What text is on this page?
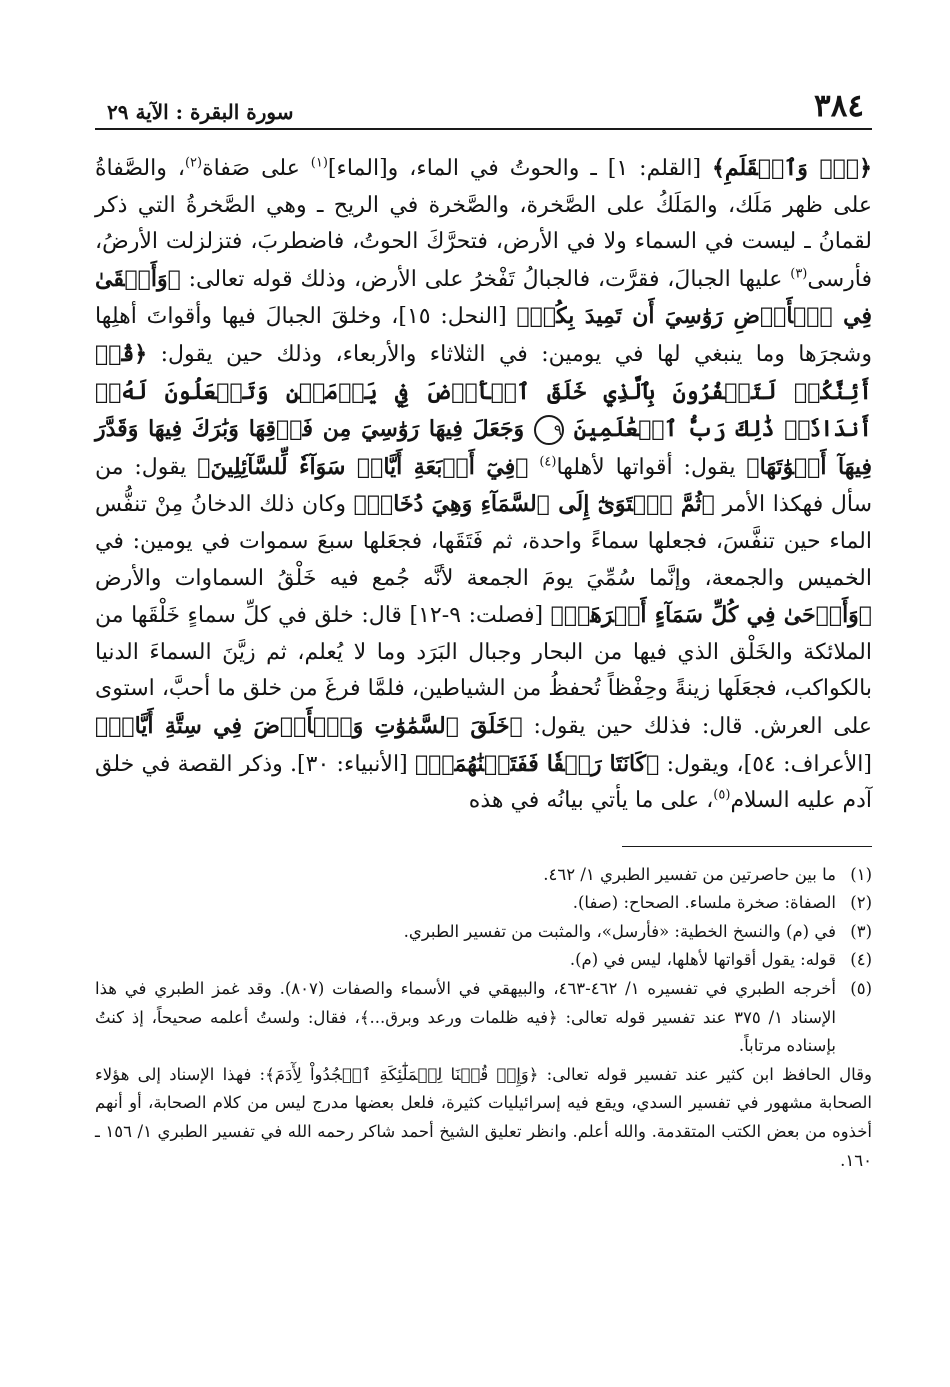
٣٨٤
سورة البقرة : الآية ٢٩
﴿نٓۚ وَٱلۡقَلَمِ﴾ [القلم: ١] ـ والحوتُ في الماء، و[الماء]$^{(١)}$ على صَفاة$^{(٢)}$، والصَّفاةُ على ظهر مَلَك، والمَلَكُ على الصَّخرة، والصَّخرة في الريح ـ وهي الصَّخرةُ التي ذكر لقمانُ ـ ليست في السماء ولا في الأرض، فتحرَّكَ الحوتُ، فاضطربَ، فتزلزلت الأرضُ، فأرسى$^{(٣)}$ عليها الجبالَ، فقرَّت، فالجبالُ تَفْخرُ على الأرض، وذلك قوله تعالى: ﴿وَأَلۡقَىٰ فِي ٱلۡأَرۡضِ رَوَٰسِيَ أَن تَمِيدَ بِكُمۡ﴾ [النحل: ١٥]، وخلقَ الجبالَ فيها وأقواتَ أهلِها وشجرَها وما ينبغي لها في يومين: في الثلاثاء والأربعاء، وذلك حين يقول: ﴿قُلۡ أَئِنَّكُمۡ لَتَكۡفُرُونَ بِٱلَّذِي خَلَقَ ٱلۡأَرۡضَ فِي يَوۡمَيۡنِ وَتَجۡعَلُونَ لَهُۥٓ أَندَادٗاۚ ذَٰلِكَ رَبُّ ٱلۡعَٰلَمِينَ ٩ وَجَعَلَ فِيهَا رَوَٰسِيَ مِن فَوۡقِهَا وَبَٰرَكَ فِيهَا وَقَدَّرَ فِيهَآ أَقۡوَٰتَهَا﴾ يقول: أقواتها لأهلها$^{(٤)}$ ﴿فِيٓ أَرۡبَعَةِ أَيَّامٖ سَوَآءٗ لِّلسَّآئِلِينَ﴾ يقول: من سأل فهكذا الأمر ﴿ثُمَّ ٱسۡتَوَىٰٓ إِلَى ٱلسَّمَآءِ وَهِيَ دُخَانٞ﴾ وكان ذلك الدخانُ مِنْ تنفُّس الماء حين تنفَّسَ، فجعلها سماءً واحدة، ثم فَتَقَها، فجعَلها سبعَ سموات في يومين: في الخميس والجمعة، وإنَّما سُمِّيَ يومَ الجمعة لأنَّه جُمع فيه خَلْقُ السماوات والأرض ﴿وَأَوۡحَىٰ فِي كُلِّ سَمَآءٍ أَمۡرَهَاۚ﴾ [فصلت: ٩-١٢] قال: خلق في كلِّ سماءٍ خَلْقَها من الملائكة والخَلْق الذي فيها من البحار وجبال البَرَد وما لا يُعلم، ثم زيَّنَ السماءَ الدنيا بالكواكب، فجعَلَها زينةً وحِفْظاً تُحفظُ من الشياطين، فلمَّا فرغَ من خلق ما أحبَّ، استوى على العرش. قال: فذلك حين يقول: ﴿خَلَقَ ٱلسَّمَٰوَٰتِ وَٱلۡأَرۡضَ فِي سِتَّةِ أَيَّامٖ﴾ [الأعراف: ٥٤]، ويقول: ﴿كَانَتَا رَتۡقٗا فَفَتَقۡنَٰهُمَاۖ﴾ [الأنبياء: ٣٠]. وذكر القصة في خلق آدم عليه السلام$^{(٥)}$، على ما يأتي بيانُه في هذه
(١)
ما بين حاصرتين من تفسير الطبري ١/ ٤٦٢.
(٢)
الصفاة: صخرة ملساء. الصحاح: (صفا).
(٣)
في (م) والنسخ الخطية: «فأرسل»، والمثبت من تفسير الطبري.
(٤)
قوله: يقول أقواتها لأهلها، ليس في (م).
(٥)
أخرجه الطبري في تفسيره ١/ ٤٦٢-٤٦٣، والبيهقي في الأسماء والصفات (٨٠٧). وقد غمز الطبري في هذا الإسناد ١/ ٣٧٥ عند تفسير قوله تعالى: ﴿فيه ظلمات ورعد وبرق...﴾، فقال: ولستُ أعلمه صحيحاً، إذ كنتُ بإسناده مرتاباً.
وقال الحافظ ابن كثير عند تفسير قوله تعالى: ﴿وَإِذۡ قُلۡنَا لِلۡمَلَٰٓئِكَةِ ٱسۡجُدُواْ لِأٓدَمَ﴾: فهذا الإسناد إلى هؤلاء الصحابة مشهور في تفسير السدي، ويقع فيه إسرائيليات كثيرة، فلعل بعضها مدرج ليس من كلام الصحابة، أو أنهم أخذوه من بعض الكتب المتقدمة. والله أعلم. وانظر تعليق الشيخ أحمد شاكر رحمه الله في تفسير الطبري ١/ ١٥٦ ـ ١٦٠.
